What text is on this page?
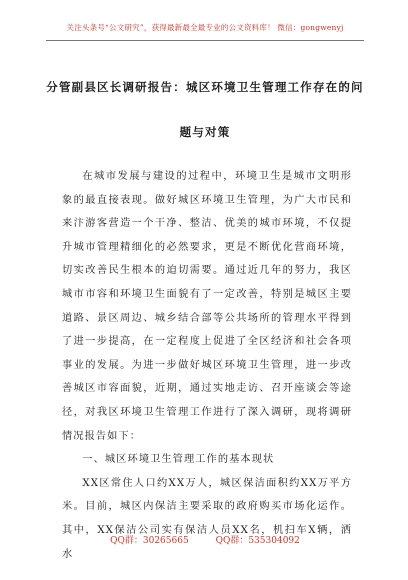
关注头条号“公文研究”，获得最新最全最专业的公文资料库！ 微信：gongwenyj
分管副县区长调研报告：城区环境卫生管理工作存在的问
题与对策

在城市发展与建设的过程中，环境卫生是城市文明形象的最直接表现。做好城区环境卫生管理，为广大市民和来汴游客营造一个干净、整洁、优美的城市环境，不仅提升城市管理精细化的必然要求，更是不断优化营商环境，切实改善民生根本的迫切需要。通过近几年的努力，我区城市市容和环境卫生面貌有了一定改善，特别是城区主要道路、景区周边、城乡结合部等公共场所的管理水平得到了进一步提高，在一定程度上促进了全区经济和社会各项事业的发展。为进一步做好城区环境卫生管理，进一步改善城区市容面貌，近期，通过实地走访、召开座谈会等途径，对我区环境卫生管理工作进行了深入调研，现将调研情况报告如下：

一、城区环境卫生管理工作的基本现状

XX区常住人口约XX万人，城区保洁面积约XX万平方米。目前，城区内保洁主要采取的政府购买市场化运作。其中，XX保洁公司实有保洁人员XX名，机扫车X辆，洒水

QQ群：30265665	QQ群：535304092
